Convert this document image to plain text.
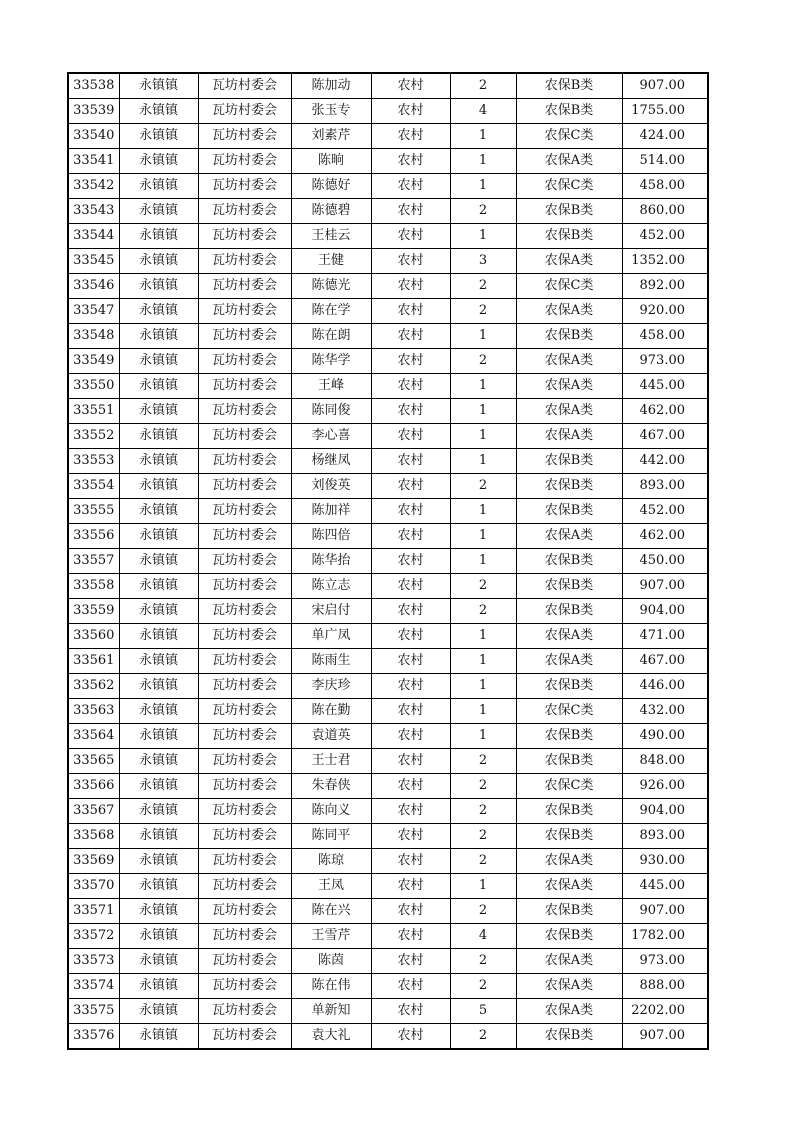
33538	永镇镇	瓦坊村委会	陈加动	农村	2	农保B类	907.00
33539	永镇镇	瓦坊村委会	张玉专	农村	4	农保B类	1755.00
33540	永镇镇	瓦坊村委会	刘素芹	农村	1	农保C类	424.00
33541	永镇镇	瓦坊村委会	陈晌	农村	1	农保A类	514.00
33542	永镇镇	瓦坊村委会	陈德好	农村	1	农保C类	458.00
33543	永镇镇	瓦坊村委会	陈德碧	农村	2	农保B类	860.00
33544	永镇镇	瓦坊村委会	王桂云	农村	1	农保B类	452.00
33545	永镇镇	瓦坊村委会	王健	农村	3	农保A类	1352.00
33546	永镇镇	瓦坊村委会	陈德光	农村	2	农保C类	892.00
33547	永镇镇	瓦坊村委会	陈在学	农村	2	农保A类	920.00
33548	永镇镇	瓦坊村委会	陈在朗	农村	1	农保B类	458.00
33549	永镇镇	瓦坊村委会	陈华学	农村	2	农保A类	973.00
33550	永镇镇	瓦坊村委会	王峰	农村	1	农保A类	445.00
33551	永镇镇	瓦坊村委会	陈同俊	农村	1	农保A类	462.00
33552	永镇镇	瓦坊村委会	李心喜	农村	1	农保A类	467.00
33553	永镇镇	瓦坊村委会	杨继凤	农村	1	农保B类	442.00
33554	永镇镇	瓦坊村委会	刘俊英	农村	2	农保B类	893.00
33555	永镇镇	瓦坊村委会	陈加祥	农村	1	农保B类	452.00
33556	永镇镇	瓦坊村委会	陈四倍	农村	1	农保A类	462.00
33557	永镇镇	瓦坊村委会	陈华抬	农村	1	农保B类	450.00
33558	永镇镇	瓦坊村委会	陈立志	农村	2	农保B类	907.00
33559	永镇镇	瓦坊村委会	宋启付	农村	2	农保B类	904.00
33560	永镇镇	瓦坊村委会	单广凤	农村	1	农保A类	471.00
33561	永镇镇	瓦坊村委会	陈雨生	农村	1	农保A类	467.00
33562	永镇镇	瓦坊村委会	李庆珍	农村	1	农保B类	446.00
33563	永镇镇	瓦坊村委会	陈在勤	农村	1	农保C类	432.00
33564	永镇镇	瓦坊村委会	袁道英	农村	1	农保B类	490.00
33565	永镇镇	瓦坊村委会	王士君	农村	2	农保B类	848.00
33566	永镇镇	瓦坊村委会	朱春侠	农村	2	农保C类	926.00
33567	永镇镇	瓦坊村委会	陈向义	农村	2	农保B类	904.00
33568	永镇镇	瓦坊村委会	陈同平	农村	2	农保B类	893.00
33569	永镇镇	瓦坊村委会	陈琼	农村	2	农保A类	930.00
33570	永镇镇	瓦坊村委会	王凤	农村	1	农保A类	445.00
33571	永镇镇	瓦坊村委会	陈在兴	农村	2	农保B类	907.00
33572	永镇镇	瓦坊村委会	王雪芹	农村	4	农保B类	1782.00
33573	永镇镇	瓦坊村委会	陈茵	农村	2	农保A类	973.00
33574	永镇镇	瓦坊村委会	陈在伟	农村	2	农保A类	888.00
33575	永镇镇	瓦坊村委会	单新知	农村	5	农保A类	2202.00
33576	永镇镇	瓦坊村委会	袁大礼	农村	2	农保B类	907.00
